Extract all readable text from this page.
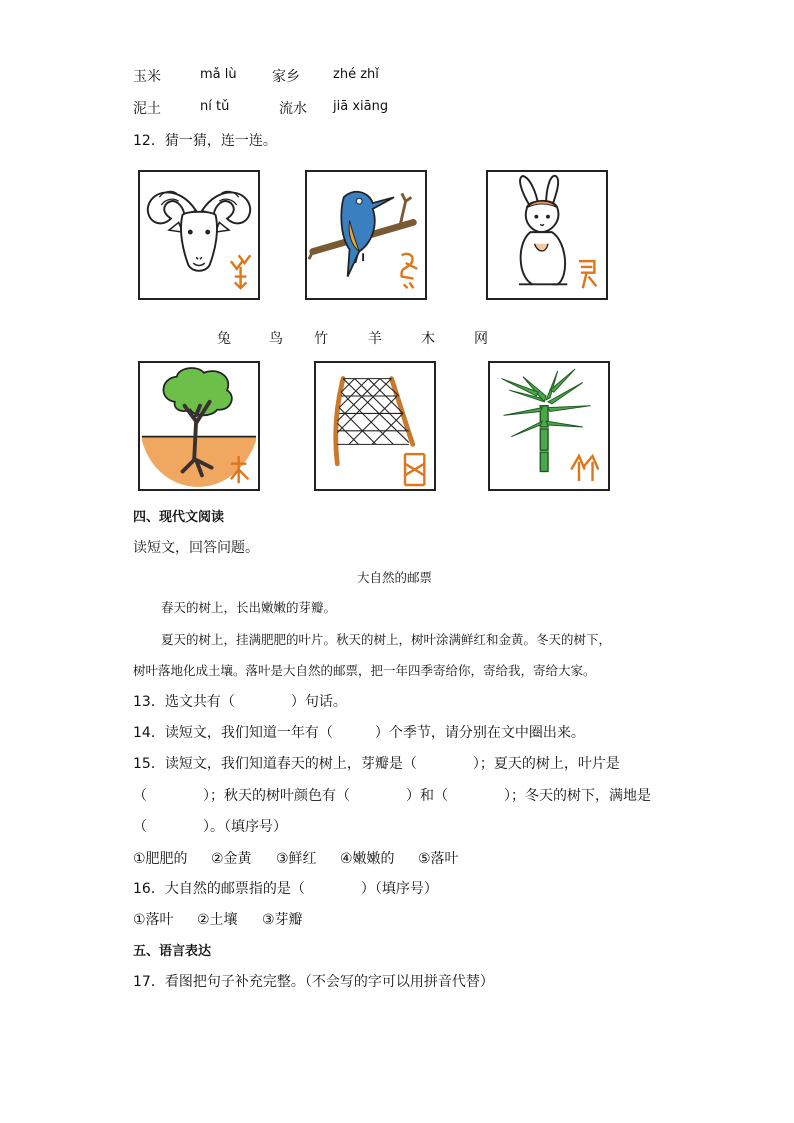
玉米	mǎ lù	家乡	zhé zhǐ
泥土	ní tǔ	流水 jiā xiāng
12．猜一猜，连一连。
兔	鸟 竹	羊	木	网
四、现代文阅读
读短文，回答问题。
大自然的邮票
春天的树上，长出嫩嫩的芽瓣。
夏天的树上，挂满肥肥的叶片。秋天的树上，树叶涂满鲜红和金黄。冬天的树下，
树叶落地化成土壤。落叶是大自然的邮票，把一年四季寄给你，寄给我，寄给大家。
13．选文共有（　　　　）句话。
14．读短文，我们知道一年有（　　　）个季节，请分别在文中圈出来。
15．读短文，我们知道春天的树上，芽瓣是（　　　　）；夏天的树上，叶片是
（　　　　）；秋天的树叶颜色有（　　　　）和（　　　　）；冬天的树下，满地是
（　　　　）。（填序号）
①肥肥的 ②金黄 ③鲜红 ④嫩嫩的 ⑤落叶
16．大自然的邮票指的是（　　　　）（填序号）
①落叶 ②土壤 ③芽瓣
五、语言表达
17．看图把句子补充完整。（不会写的字可以用拼音代替）
